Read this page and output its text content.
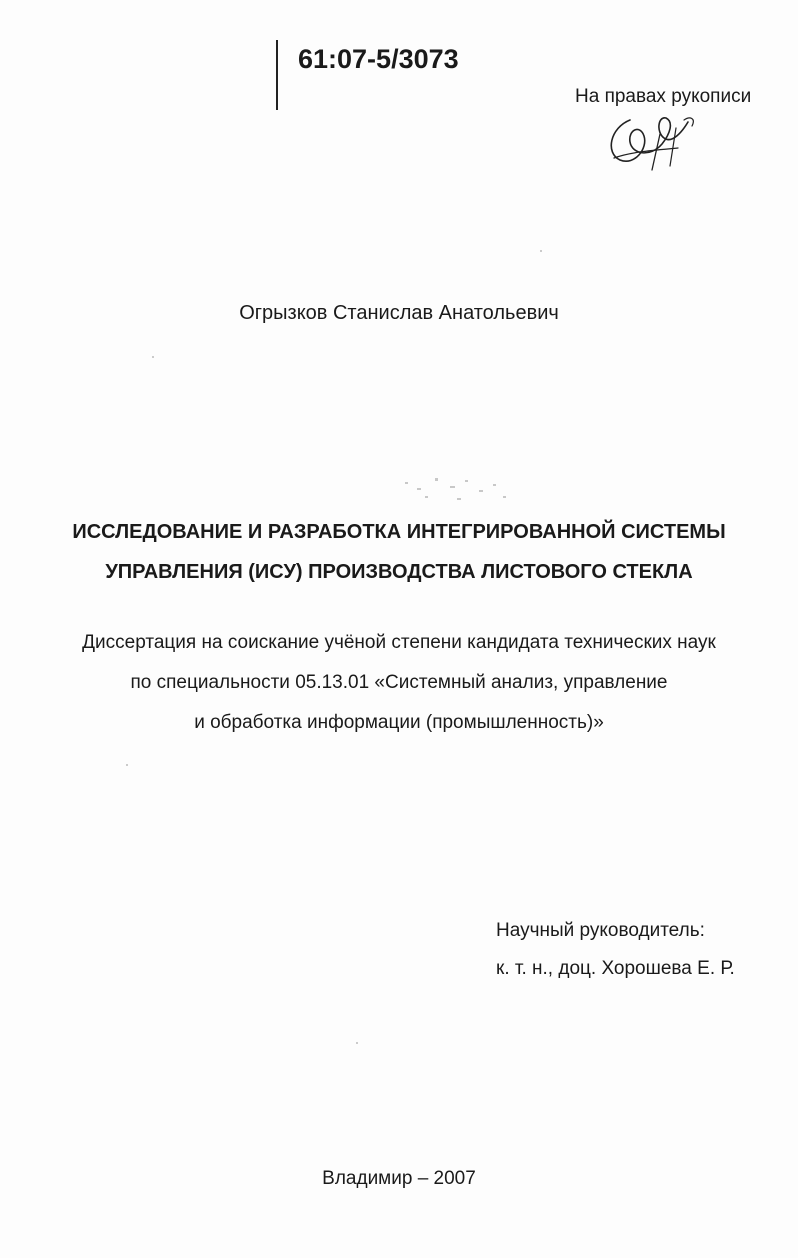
61:07-5/3073
На правах рукописи
Огрызков Станислав Анатольевич
ИССЛЕДОВАНИЕ И РАЗРАБОТКА ИНТЕГРИРОВАННОЙ СИСТЕМЫ
УПРАВЛЕНИЯ (ИСУ) ПРОИЗВОДСТВА ЛИСТОВОГО СТЕКЛА
Диссертация на соискание учёной степени кандидата технических наук
по специальности 05.13.01 «Системный анализ, управление
и обработка информации (промышленность)»
Научный руководитель:
к. т. н., доц. Хорошева Е. Р.
Владимир – 2007
